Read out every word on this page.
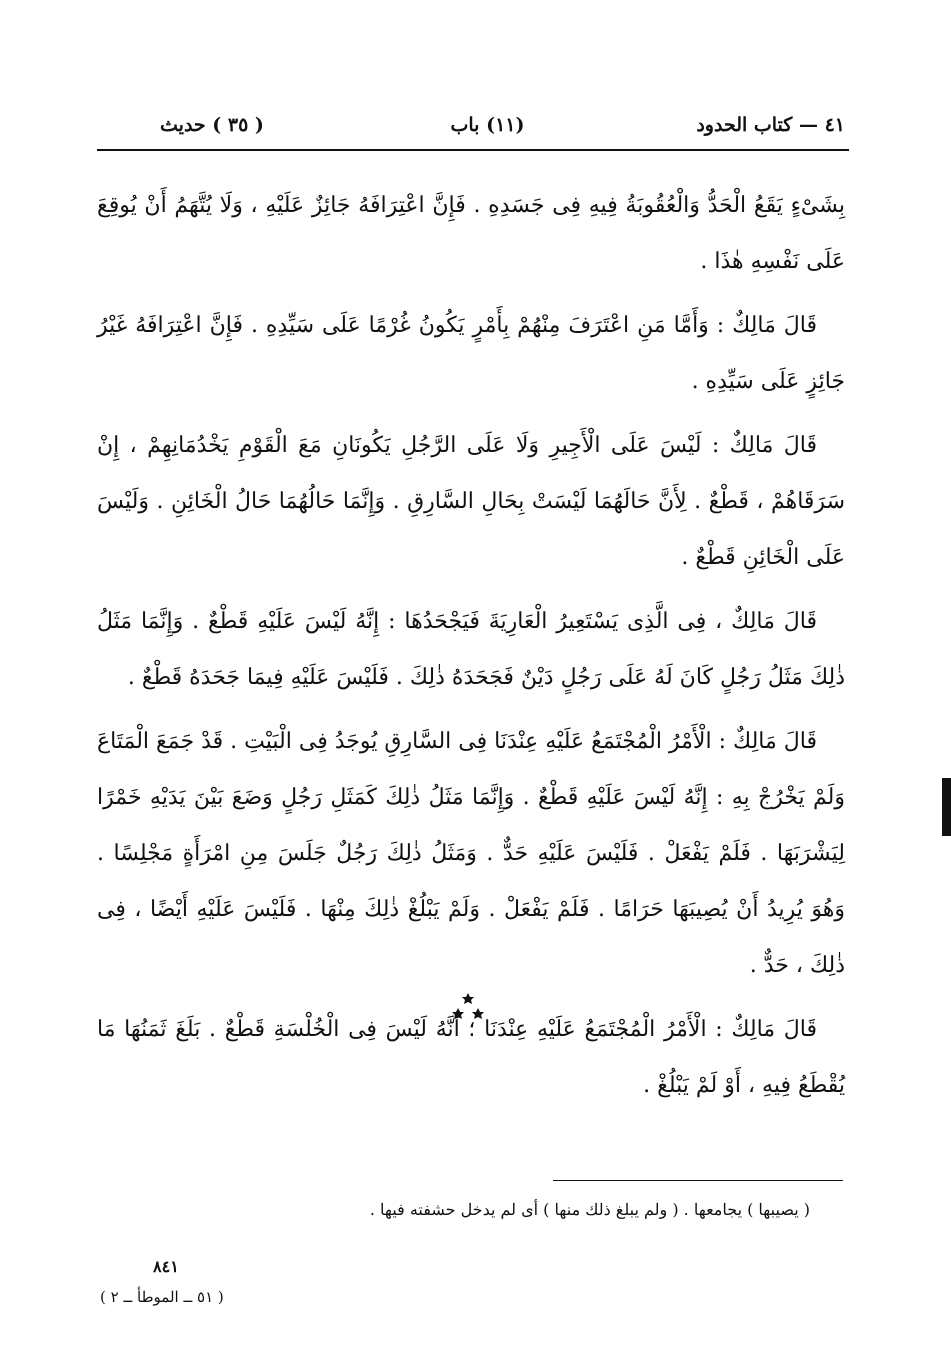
٤١ — كتاب الحدود
(١١) باب
( ٣٥ ) حديث

بِشَىْءٍ يَقَعُ الْحَدُّ وَالْعُقُوبَةُ فِيهِ فِى جَسَدِهِ . فَإِنَّ اعْتِرَافَهُ جَائِزٌ عَلَيْهِ ، وَلَا يُتَّهَمُ أَنْ يُوقِعَ عَلَى نَفْسِهِ هٰذَا .

قَالَ مَالِكٌ : وَأَمَّا مَنِ اعْتَرَفَ مِنْهُمْ بِأَمْرٍ يَكُونُ غُرْمًا عَلَى سَيِّدِهِ . فَإِنَّ اعْتِرَافَهُ غَيْرُ جَائِزٍ عَلَى سَيِّدِهِ .

قَالَ مَالِكٌ : لَيْسَ عَلَى الْأَجِيرِ وَلَا عَلَى الرَّجُلِ يَكُونَانِ مَعَ الْقَوْمِ يَخْدُمَانِهِمْ ، إِنْ سَرَقَاهُمْ ، قَطْعٌ . لِأَنَّ حَالَهُمَا لَيْسَتْ بِحَالِ السَّارِقِ . وَإِنَّمَا حَالُهُمَا حَالُ الْخَائِنِ . وَلَيْسَ عَلَى الْخَائِنِ قَطْعٌ .

قَالَ مَالِكٌ ، فِى الَّذِى يَسْتَعِيرُ الْعَارِيَةَ فَيَجْحَدُهَا : إِنَّهُ لَيْسَ عَلَيْهِ قَطْعٌ . وَإِنَّمَا مَثَلُ ذٰلِكَ مَثَلُ رَجُلٍ كَانَ لَهُ عَلَى رَجُلٍ دَيْنٌ فَجَحَدَهُ ذٰلِكَ . فَلَيْسَ عَلَيْهِ فِيمَا جَحَدَهُ قَطْعٌ .

قَالَ مَالِكٌ : الْأَمْرُ الْمُجْتَمَعُ عَلَيْهِ عِنْدَنَا فِى السَّارِقِ يُوجَدُ فِى الْبَيْتِ . قَدْ جَمَعَ الْمَتَاعَ وَلَمْ يَخْرُجْ بِهِ : إِنَّهُ لَيْسَ عَلَيْهِ قَطْعٌ . وَإِنَّمَا مَثَلُ ذٰلِكَ كَمَثَلِ رَجُلٍ وَضَعَ بَيْنَ يَدَيْهِ خَمْرًا لِيَشْرَبَهَا . فَلَمْ يَفْعَلْ . فَلَيْسَ عَلَيْهِ حَدٌّ . وَمَثَلُ ذٰلِكَ رَجُلٌ جَلَسَ مِنِ امْرَأَةٍ مَجْلِسًا . وَهُوَ يُرِيدُ أَنْ يُصِيبَهَا حَرَامًا . فَلَمْ يَفْعَلْ . وَلَمْ يَبْلُغْ ذٰلِكَ مِنْهَا . فَلَيْسَ عَلَيْهِ أَيْضًا ، فِى ذٰلِكَ ، حَدٌّ .

قَالَ مَالِكٌ : الْأَمْرُ الْمُجْتَمَعُ عَلَيْهِ عِنْدَنَا ؛ أَنَّهُ لَيْسَ فِى الْخُلْسَةِ قَطْعٌ . بَلَغَ ثَمَنُهَا مَا يُقْطَعُ فِيهِ ، أَوْ لَمْ يَبْلُغْ .

( يصيبها ) يجامعها . ( ولم يبلغ ذلك منها ) أى لم يدخل حشفته فيها .
٨٤١
( ٥١ ــ الموطأ ــ ٢ )
